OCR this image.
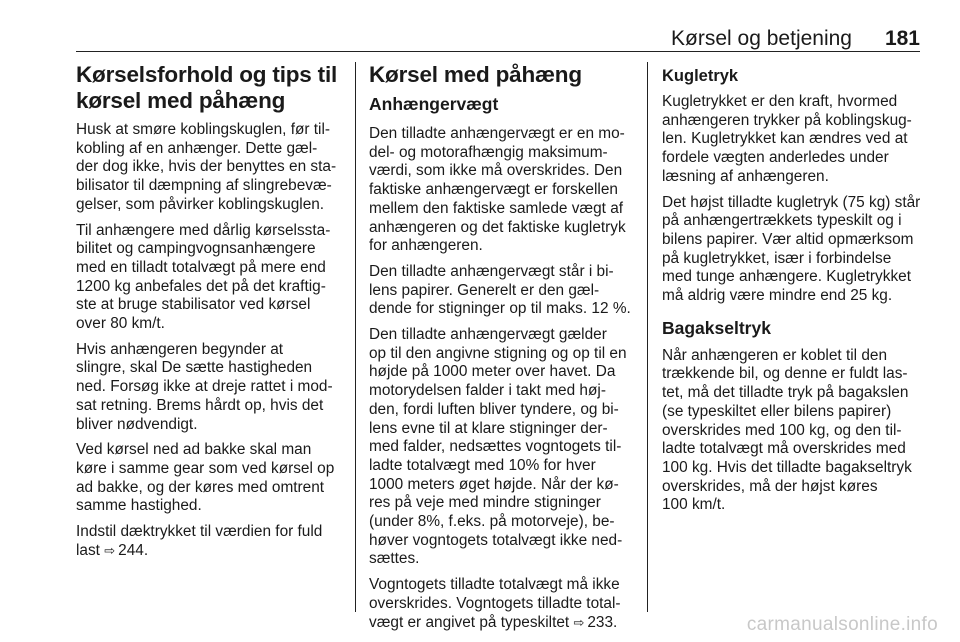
Kørsel og betjening 181
Kørselsforhold og tips til
kørsel med påhæng
Husk at smøre koblingskuglen, før til-
kobling af en anhænger. Dette gæl-
der dog ikke, hvis der benyttes en sta-
bilisator til dæmpning af slingrebevæ-
gelser, som påvirker koblingskuglen.
Til anhængere med dårlig kørselssta-
bilitet og campingvognsanhængere
med en tilladt totalvægt på mere end
1200 kg anbefales det på det kraftig-
ste at bruge stabilisator ved kørsel
over 80 km/t.
Hvis anhængeren begynder at
slingre, skal De sætte hastigheden
ned. Forsøg ikke at dreje rattet i mod-
sat retning. Brems hårdt op, hvis det
bliver nødvendigt.
Ved kørsel ned ad bakke skal man
køre i samme gear som ved kørsel op
ad bakke, og der køres med omtrent
samme hastighed.
Indstil dæktrykket til værdien for fuld
last ⇨ 244.
Kørsel med påhæng
Anhængervægt
Den tilladte anhængervægt er en mo-
del- og motorafhængig maksimum-
værdi, som ikke må overskrides. Den
faktiske anhængervægt er forskellen
mellem den faktiske samlede vægt af
anhængeren og det faktiske kugletryk
for anhængeren.
Den tilladte anhængervægt står i bi-
lens papirer. Generelt er den gæl-
dende for stigninger op til maks. 12 %.
Den tilladte anhængervægt gælder
op til den angivne stigning og op til en
højde på 1000 meter over havet. Da
motorydelsen falder i takt med høj-
den, fordi luften bliver tyndere, og bi-
lens evne til at klare stigninger der-
med falder, nedsættes vogntogets til-
ladte totalvægt med 10% for hver
1000 meters øget højde. Når der kø-
res på veje med mindre stigninger
(under 8%, f.eks. på motorveje), be-
høver vogntogets totalvægt ikke ned-
sættes.
Vogntogets tilladte totalvægt må ikke
overskrides. Vogntogets tilladte total-
vægt er angivet på typeskiltet ⇨ 233.
Kugletryk
Kugletrykket er den kraft, hvormed
anhængeren trykker på koblingskug-
len. Kugletrykket kan ændres ved at
fordele vægten anderledes under
læsning af anhængeren.
Det højst tilladte kugletryk (75 kg) står
på anhængertrækkets typeskilt og i
bilens papirer. Vær altid opmærksom
på kugletrykket, især i forbindelse
med tunge anhængere. Kugletrykket
må aldrig være mindre end 25 kg.
Bagakseltryk
Når anhængeren er koblet til den
trækkende bil, og denne er fuldt las-
tet, må det tilladte tryk på bagakslen
(se typeskiltet eller bilens papirer)
overskrides med 100 kg, og den til-
ladte totalvægt må overskrides med
100 kg. Hvis det tilladte bagakseltryk
overskrides, må der højst køres
100 km/t.
carmanualsonline.info
